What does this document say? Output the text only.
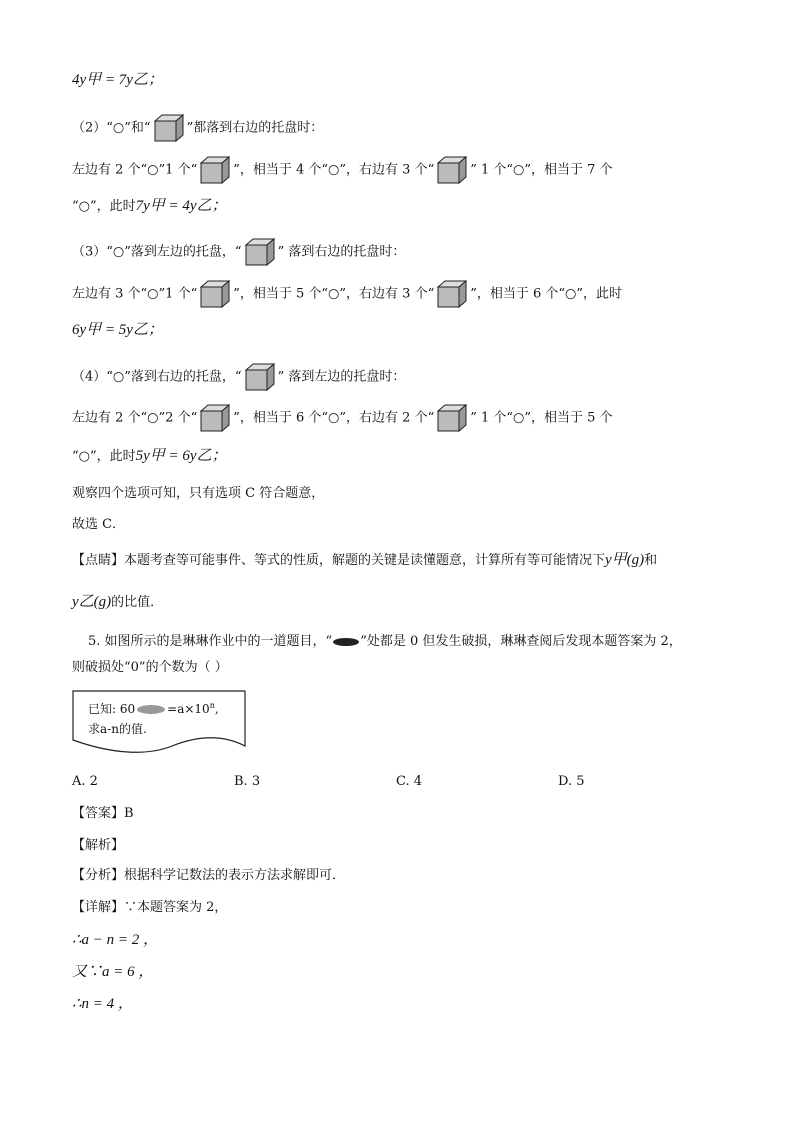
4y甲 = 7y乙；
（2）“○”和“	”都落到右边的托盘时：
左边有 2 个“○”1 个“	”，相当于 4 个“○”，右边有 3 个“	” 1 个“○”，相当于 7 个
“○”，此时7y甲 = 4y乙；
（3）“○”落到左边的托盘，“	” 落到右边的托盘时：
左边有 3 个“○”1 个“	”，相当于 5 个“○”，右边有 3 个“	”，相当于 6 个“○”，此时
6y甲 = 5y乙；
（4）“○”落到右边的托盘，“	” 落到左边的托盘时：
左边有 2 个“○”2 个“	”，相当于 6 个“○”，右边有 2 个“	” 1 个“○”，相当于 5 个
“○”，此时5y甲 = 6y乙；
观察四个选项可知，只有选项 C 符合题意，
故选 C．
【点睛】本题考查等可能事件、等式的性质，解题的关键是读懂题意，计算所有等可能情况下y甲(g)和
y乙(g)的比值．
5. 如图所示的是琳琳作业中的一道题目，“ ”处都是 0 但发生破损，琳琳查阅后发现本题答案为 2，
则破损处“0”的个数为（ ）
已知: 60	$=a\times 10^n$,
求a-n的值.
A. 2	B. 3	C. 4	D. 5
【答案】B
【解析】
【分析】根据科学记数法的表示方法求解即可．
【详解】∵本题答案为 2，
∴a − n = 2 ，
又∵a = 6 ，
∴n = 4 ，
